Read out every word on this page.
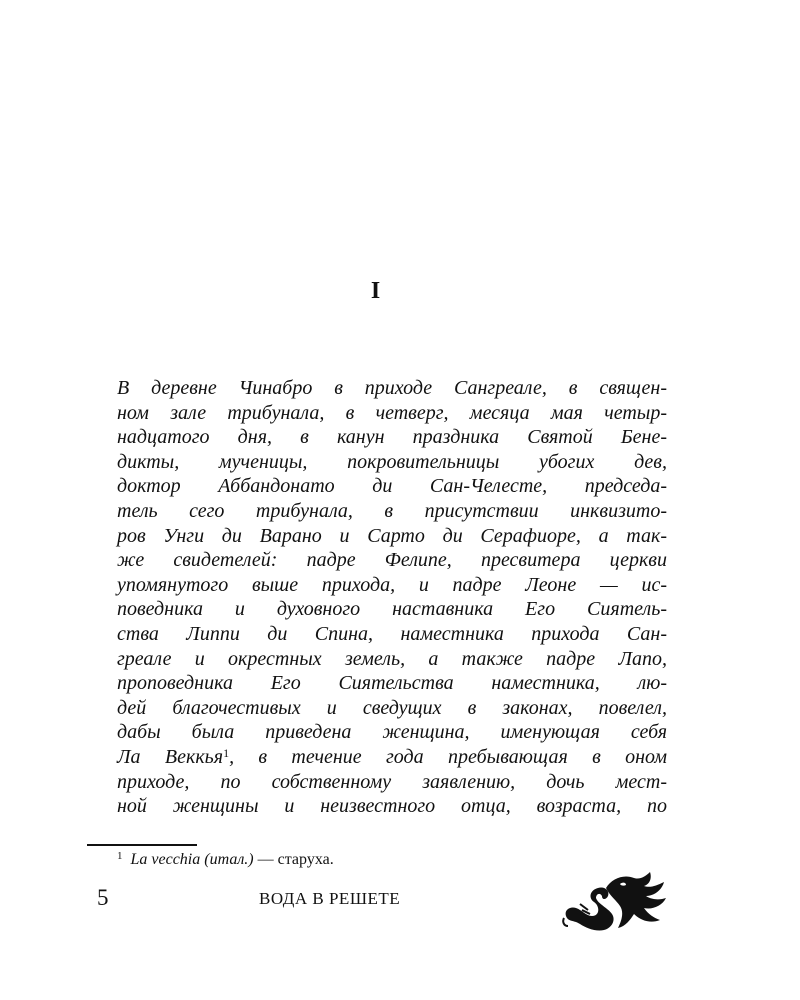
I
В деревне Чинабро в приходе Сангреале, в священ-
ном зале трибунала, в четверг, месяца мая четыр-
надцатого дня, в канун праздника Святой Бене-
дикты, мученицы, покровительницы убогих дев,
доктор Аббандонато ди Сан-Челесте, председа-
тель сего трибунала, в присутствии инквизито-
ров Унги ди Варано и Сарто ди Серафиоре, а так-
же свидетелей: падре Фелипе, пресвитера церкви
упомянутого выше прихода, и падре Леоне — ис-
поведника и духовного наставника Его Сиятель-
ства Липпи ди Спина, наместника прихода Сан-
греале и окрестных земель, а также падре Лапо,
проповедника Его Сиятельства наместника, лю-
дей благочестивых и сведущих в законах, повелел,
дабы была приведена женщина, именующая себя
Ла Веккья$^1$, в течение года пребывающая в оном
приходе, по собственному заявлению, дочь мест-
ной женщины и неизвестного отца, возраста, по
$^1$ La vecchia (итал.) — старуха.
5	ВОДА В РЕШЕТЕ
